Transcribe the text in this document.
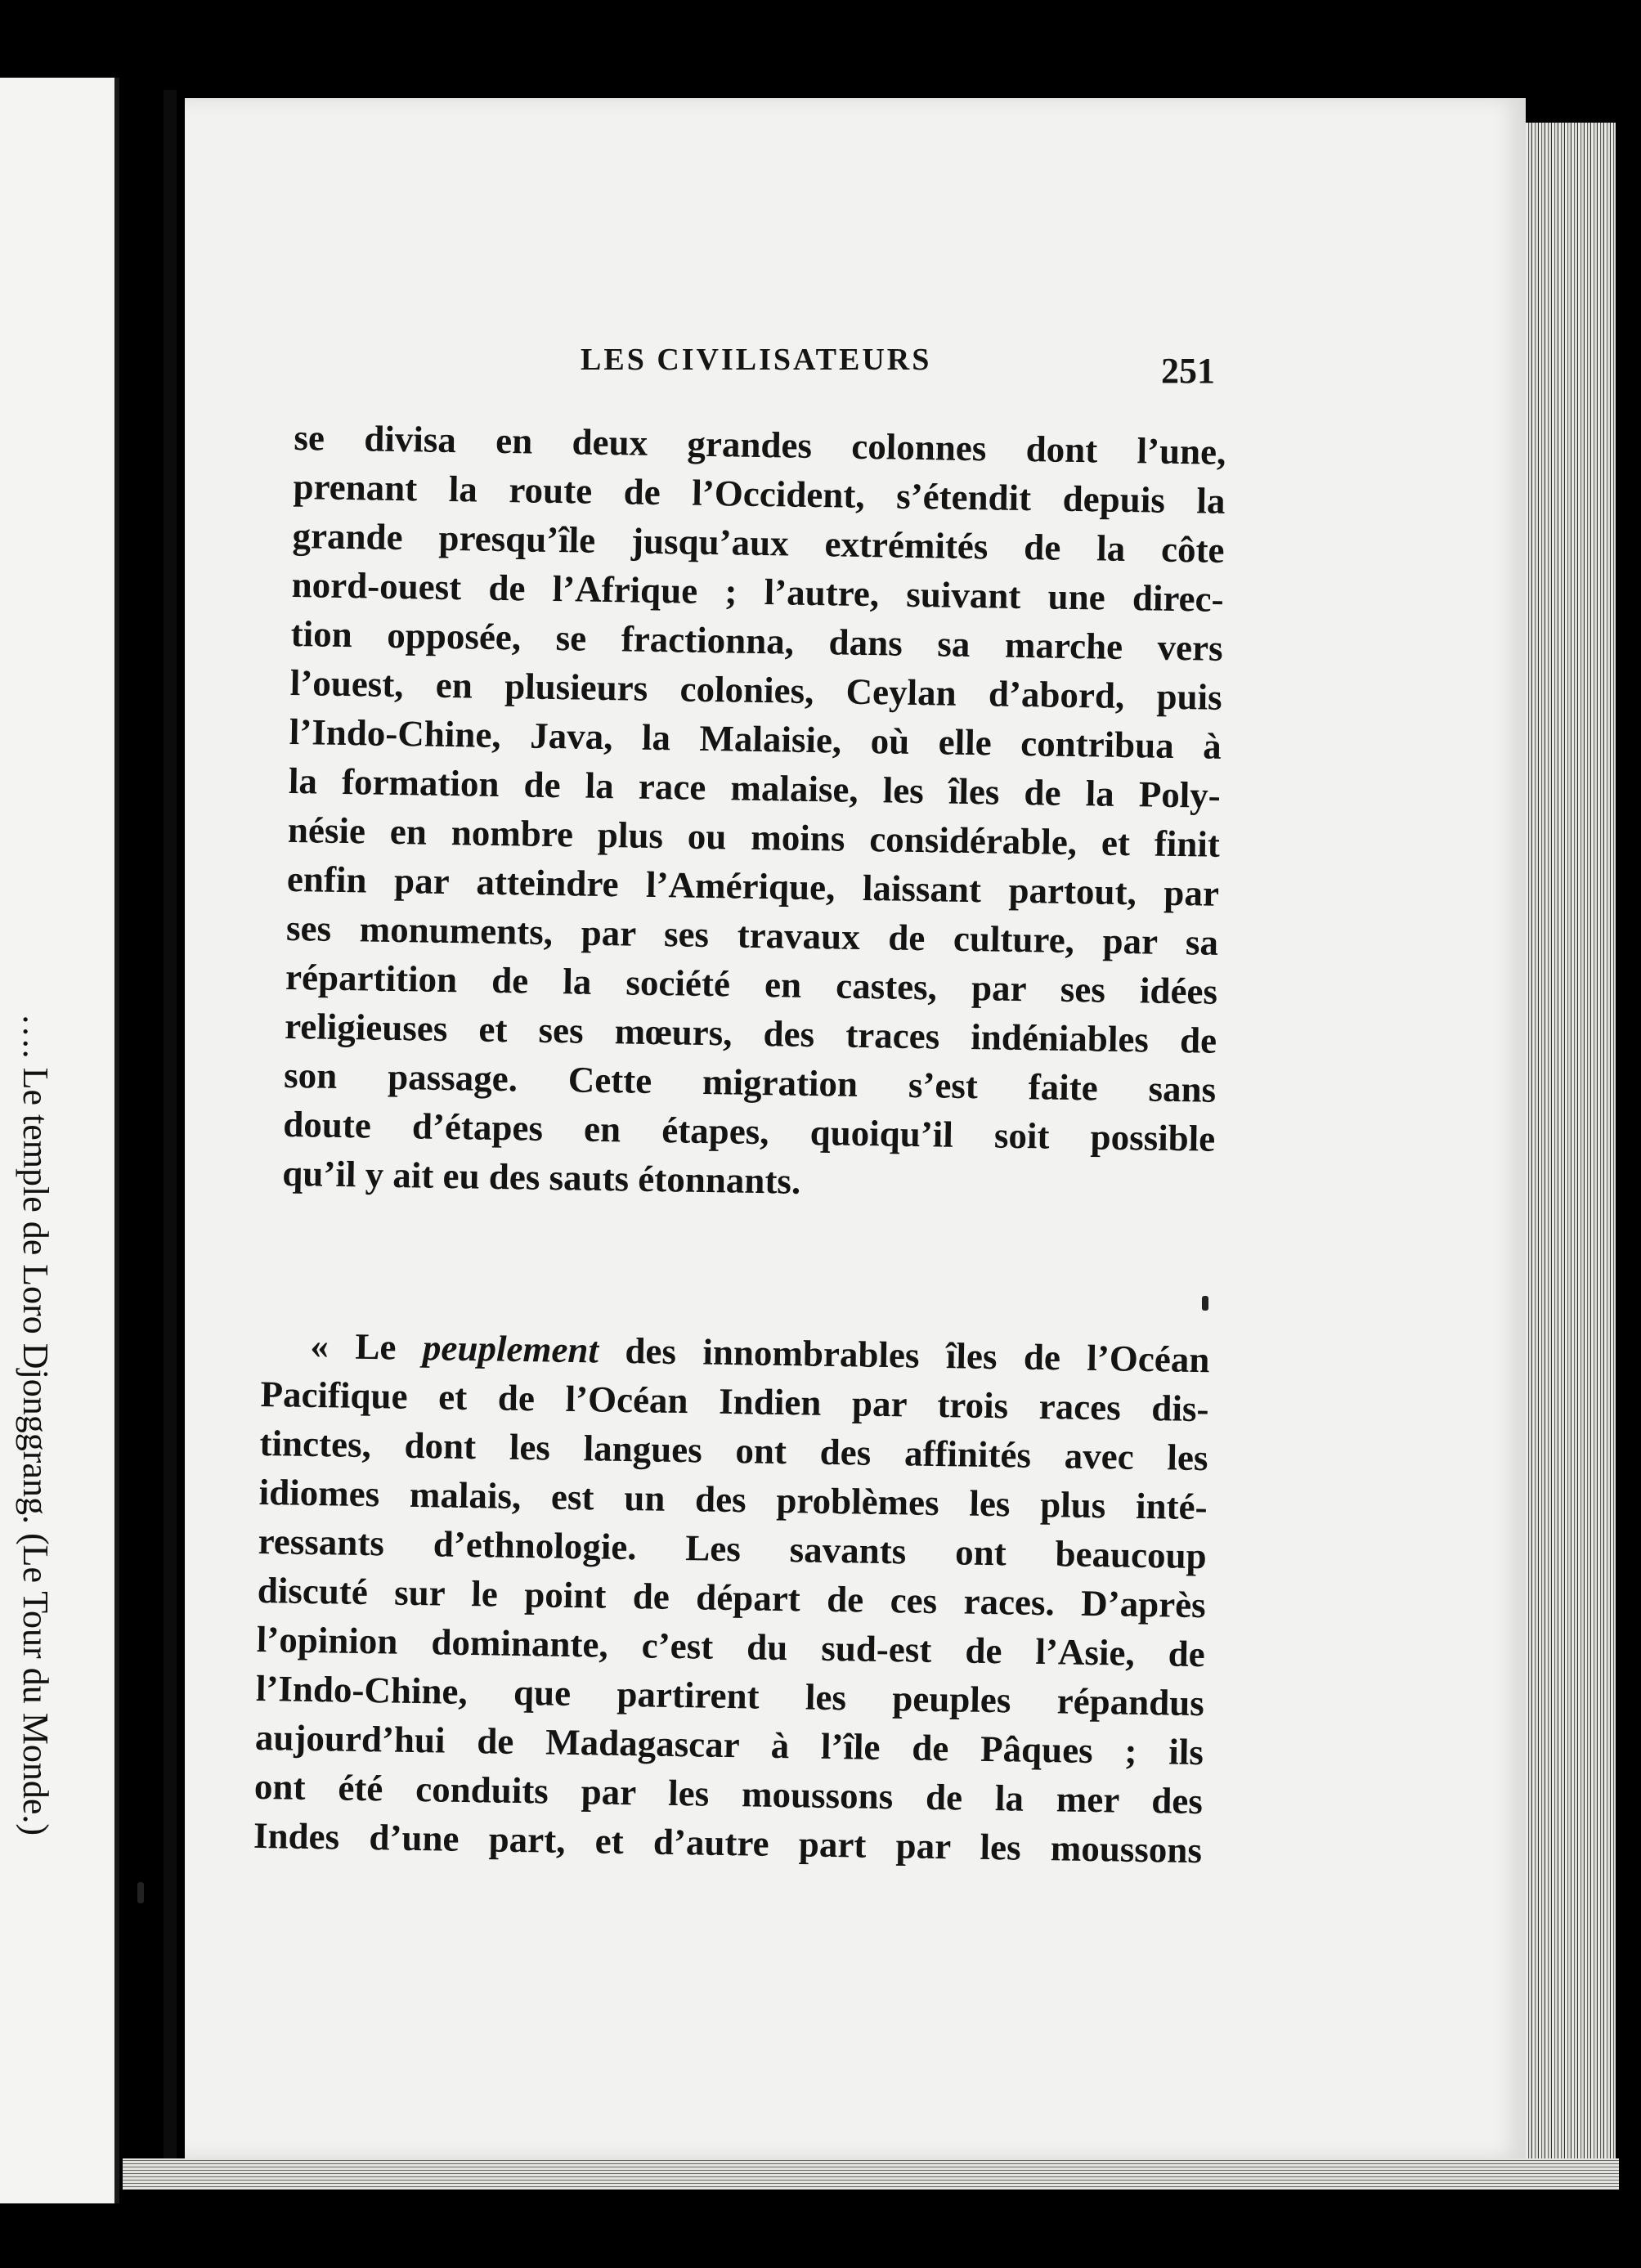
…. Le temple de Loro Djonggrang. (Le Tour du Monde.)
LES CIVILISATEURS	251
se divisa en deux grandes colonnes dont l’une,
prenant la route de l’Occident, s’étendit depuis la
grande presqu’île jusqu’aux extrémités de la côte
nord-ouest de l’Afrique ; l’autre, suivant une direc-
tion opposée, se fractionna, dans sa marche vers
l’ouest, en plusieurs colonies, Ceylan d’abord, puis
l’Indo-Chine, Java, la Malaisie, où elle contribua à
la formation de la race malaise, les îles de la Poly-
nésie en nombre plus ou moins considérable, et finit
enfin par atteindre l’Amérique, laissant partout, par
ses monuments, par ses travaux de culture, par sa
répartition de la société en castes, par ses idées
religieuses et ses mœurs, des traces indéniables de
son passage. Cette migration s’est faite sans
doute d’étapes en étapes, quoiqu’il soit possible
qu’il y ait eu des sauts étonnants.
« Le peuplement des innombrables îles de l’Océan
Pacifique et de l’Océan Indien par trois races dis-
tinctes, dont les langues ont des affinités avec les
idiomes malais, est un des problèmes les plus inté-
ressants d’ethnologie. Les savants ont beaucoup
discuté sur le point de départ de ces races. D’après
l’opinion dominante, c’est du sud-est de l’Asie, de
l’Indo-Chine, que partirent les peuples répandus
aujourd’hui de Madagascar à l’île de Pâques ; ils
ont été conduits par les moussons de la mer des
Indes d’une part, et d’autre part par les moussons
